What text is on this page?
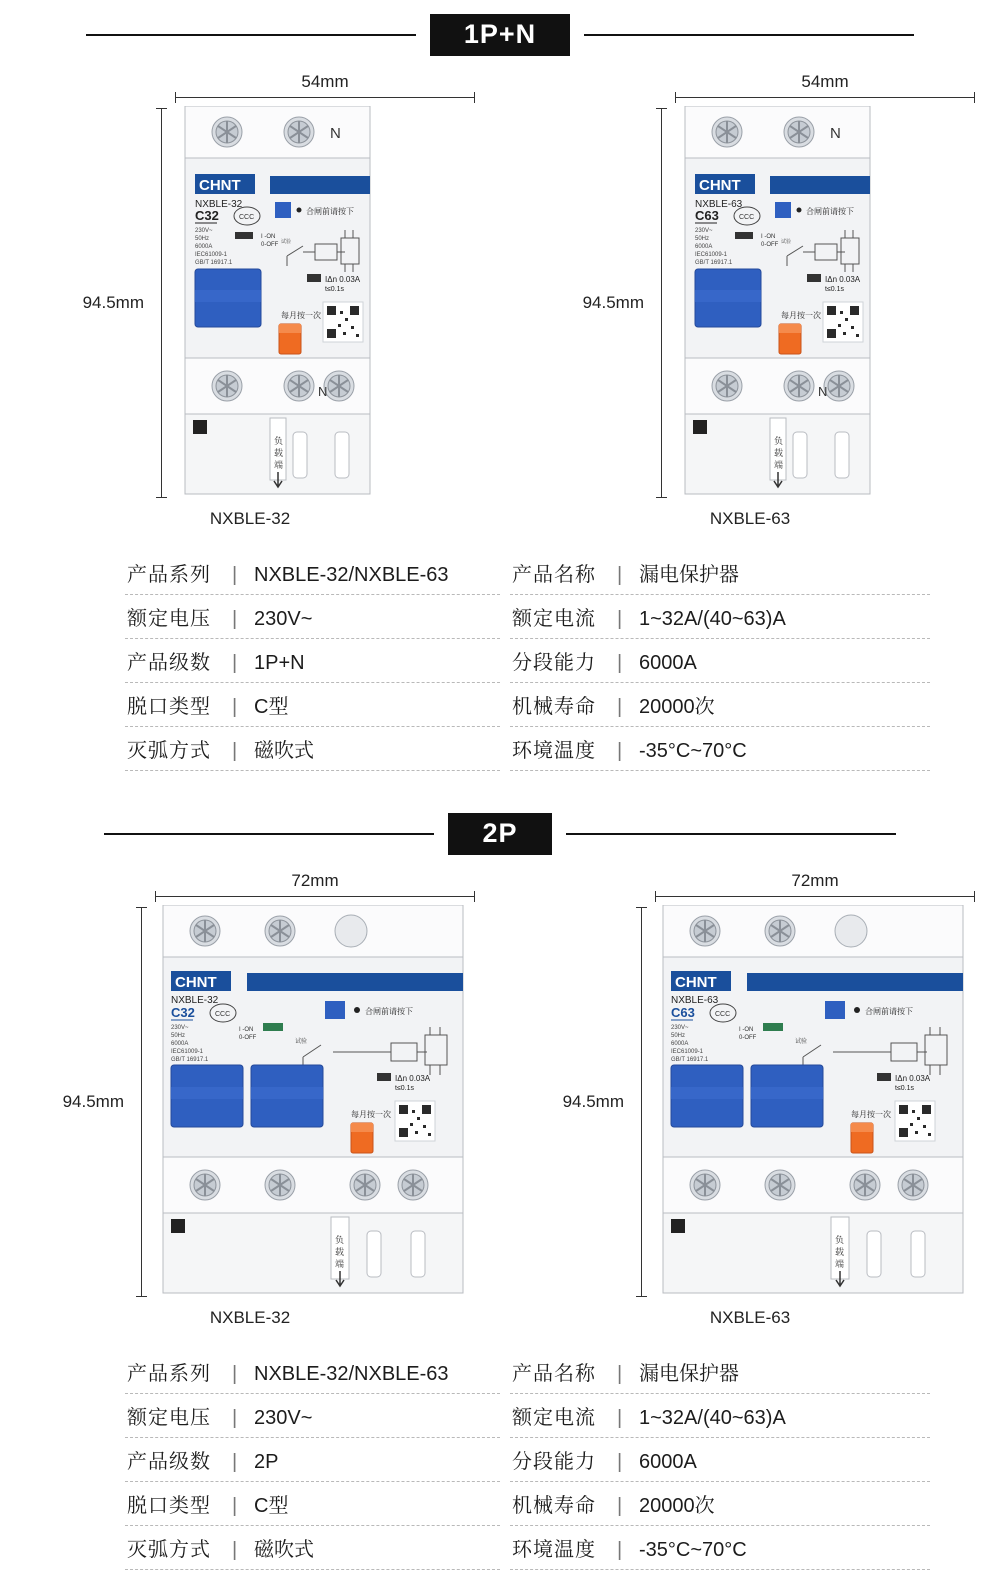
1P+N
54mm
94.5mm
N
CHNT
NXBLE-32
C32
230V~
50Hz
6000A
IEC61009-1
GB/T 16917.1
CCC
I -ON
0-OFF
合闸前请按下
试验
IΔn 0.03A
t≤0.1s
每月按一次
N
负
载
端
NXBLE-32
54mm
94.5mm
N
CHNT
NXBLE-63
C63
230V~
50Hz
6000A
IEC61009-1
GB/T 16917.1
CCC
I -ON
0-OFF
合闸前请按下
试验
IΔn 0.03A
t≤0.1s
每月按一次
N
负
载
端
NXBLE-63
产品系列	| NXBLE-32/NXBLE-63
额定电压	| 230V~
产品级数	| 1P+N
脱口类型	| C型
灭弧方式	| 磁吹式
产品名称	| 漏电保护器
额定电流	| 1~32A/(40~63)A
分段能力	| 6000A
机械寿命	| 20000次
环境温度	| -35°C~70°C
2P
72mm
94.5mm
CHNT
NXBLE-32
C32
230V~
50Hz
6000A
IEC61009-1
GB/T 16917.1
CCC
I -ON
0-OFF
合闸前请按下
试验
IΔn 0.03A
t≤0.1s
每月按一次
负
载
端
NXBLE-32
72mm
94.5mm
CHNT
NXBLE-63
C63
230V~
50Hz
6000A
IEC61009-1
GB/T 16917.1
CCC
I -ON
0-OFF
合闸前请按下
试验
IΔn 0.03A
t≤0.1s
每月按一次
负
载
端
NXBLE-63
产品系列	| NXBLE-32/NXBLE-63
额定电压	| 230V~
产品级数	| 2P
脱口类型	| C型
灭弧方式	| 磁吹式
产品名称	| 漏电保护器
额定电流	| 1~32A/(40~63)A
分段能力	| 6000A
机械寿命	| 20000次
环境温度	| -35°C~70°C
